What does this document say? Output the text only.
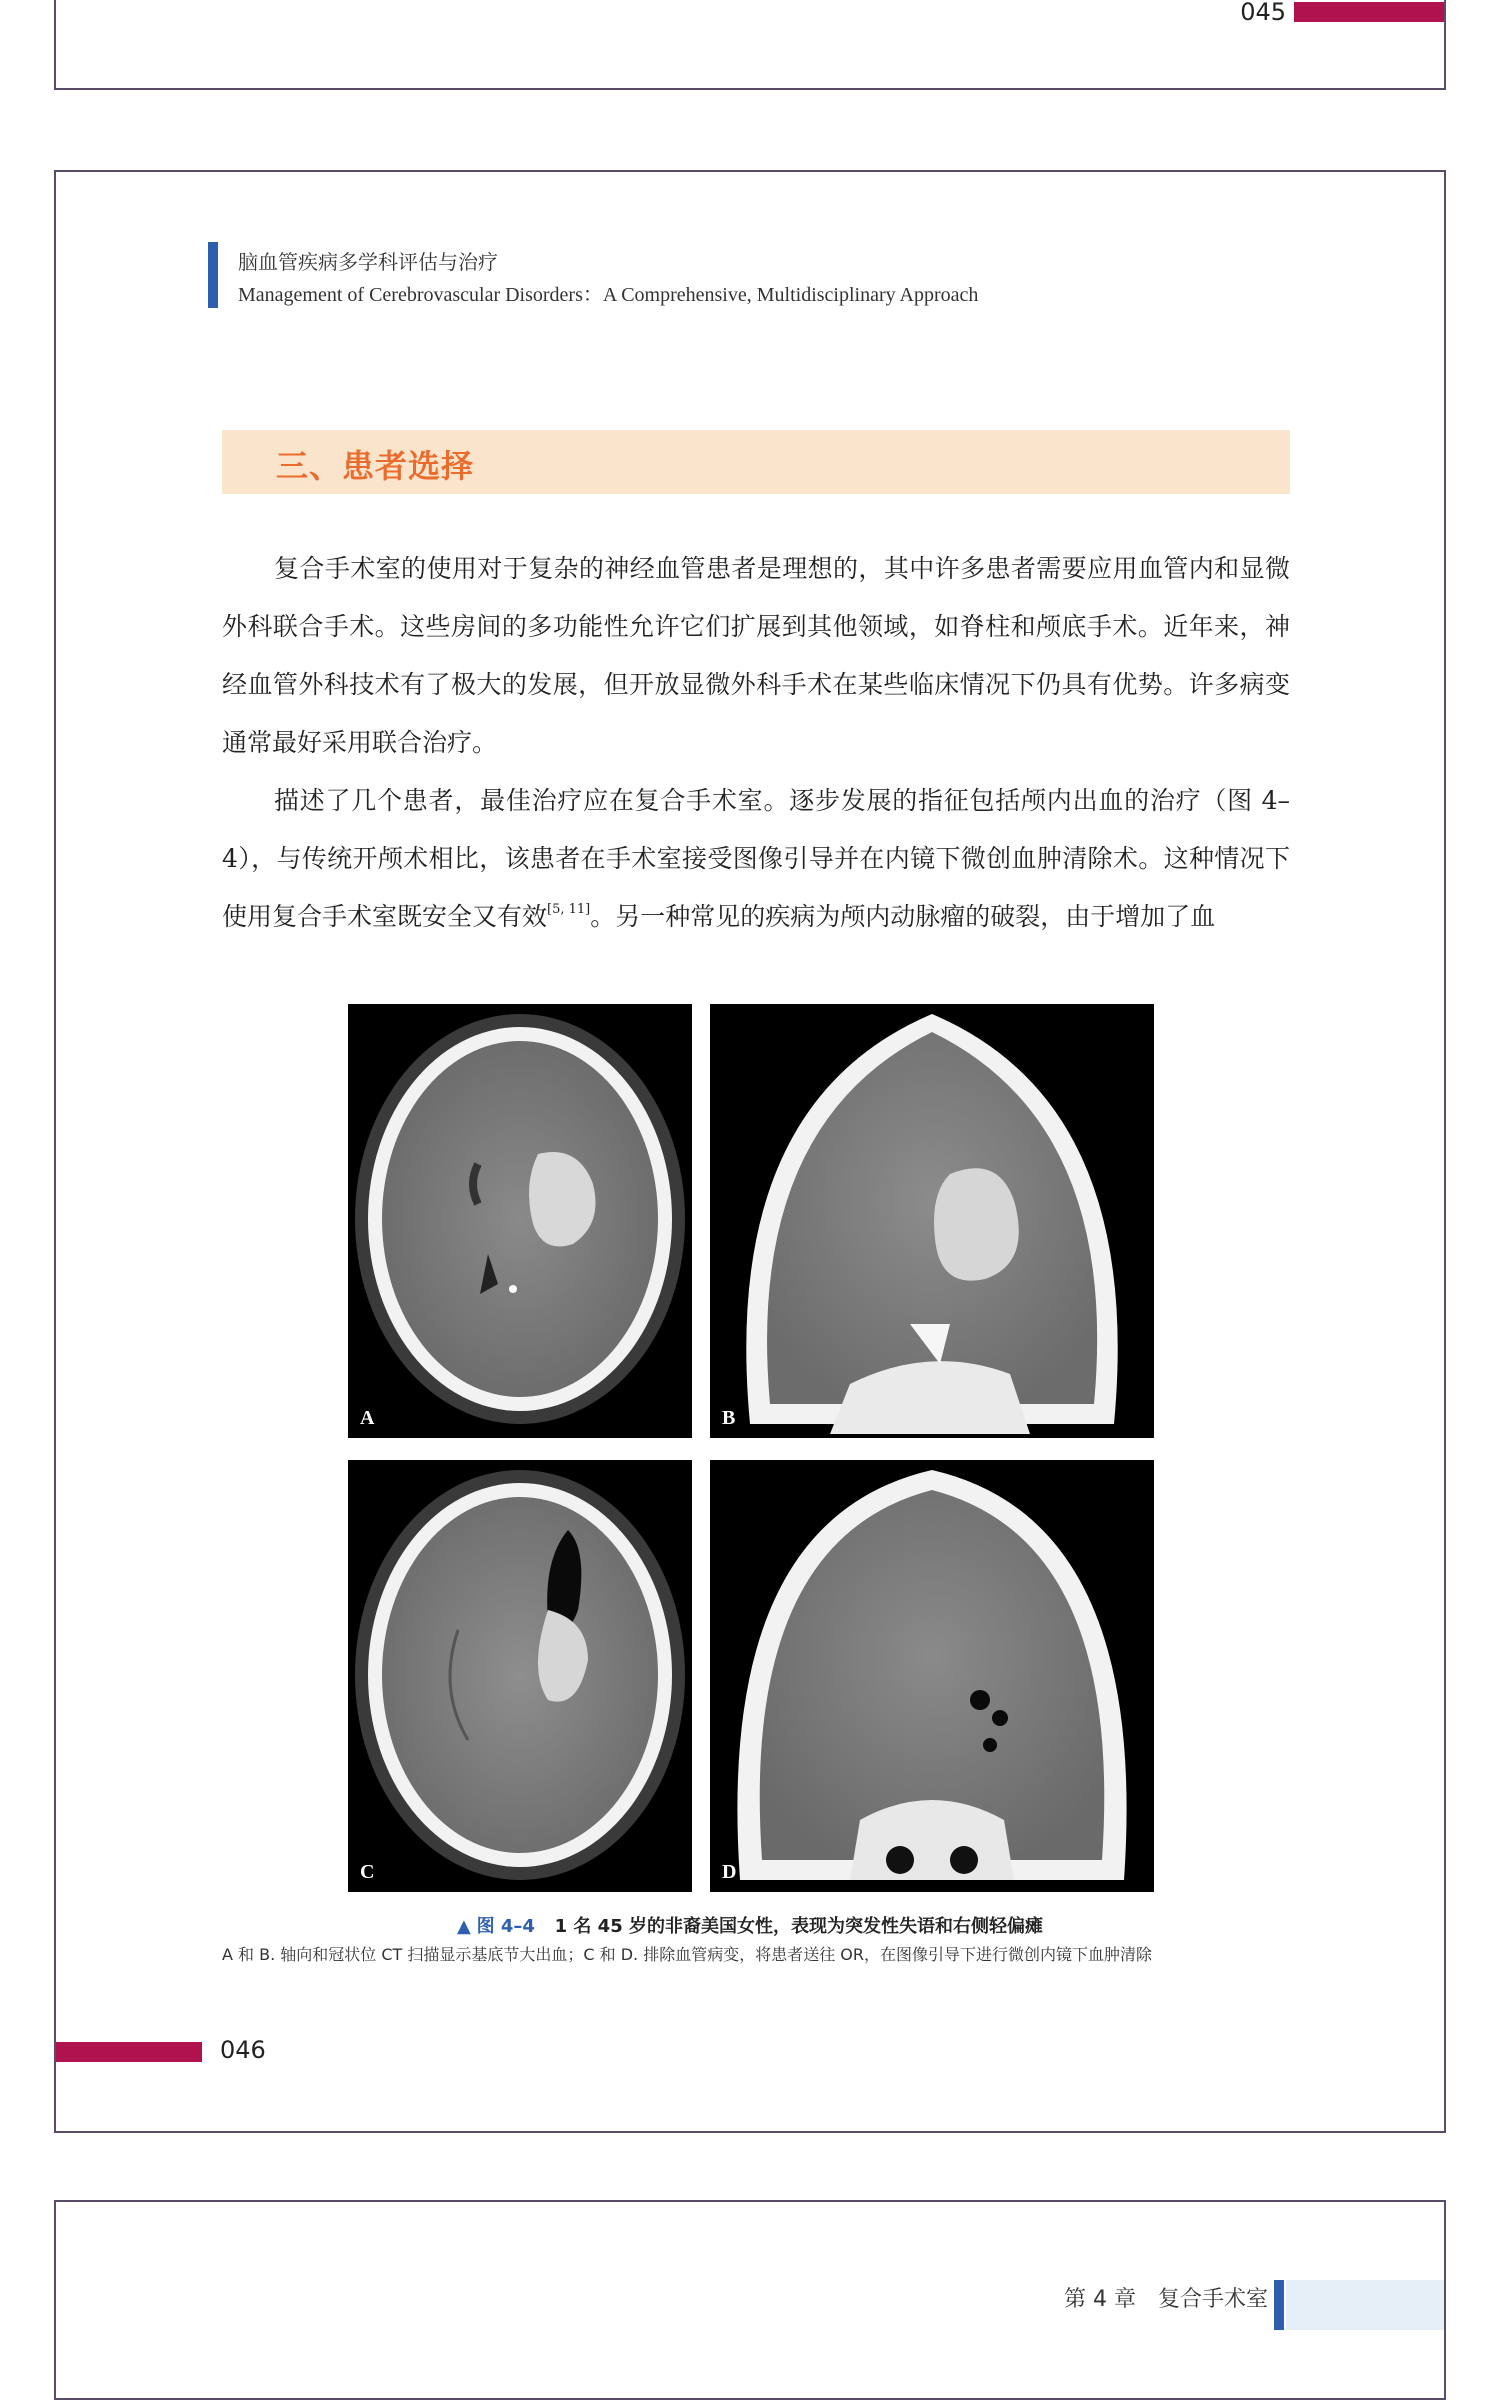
045
脑血管疾病多学科评估与治疗
Management of Cerebrovascular Disorders：A Comprehensive, Multidisciplinary Approach
三、患者选择

复合手术室的使用对于复杂的神经血管患者是理想的，其中许多患者需要应用血管内和显微外科联合手术。这些房间的多功能性允许它们扩展到其他领域，如脊柱和颅底手术。近年来，神经血管外科技术有了极大的发展，但开放显微外科手术在某些临床情况下仍具有优势。许多病变通常最好采用联合治疗。

描述了几个患者，最佳治疗应在复合手术室。逐步发展的指征包括颅内出血的治疗（图 4–4），与传统开颅术相比，该患者在手术室接受图像引导并在内镜下微创血肿清除术。这种情况下使用复合手术室既安全又有效[5, 11]。另一种常见的疾病为颅内动脉瘤的破裂，由于增加了血

A	B
C	D
▲ 图 4–4 1 名 45 岁的非裔美国女性，表现为突发性失语和右侧轻偏瘫
A 和 B. 轴向和冠状位 CT 扫描显示基底节大出血；C 和 D. 排除血管病变，将患者送往 OR，在图像引导下进行微创内镜下血肿清除
046
第 4 章　复合手术室
